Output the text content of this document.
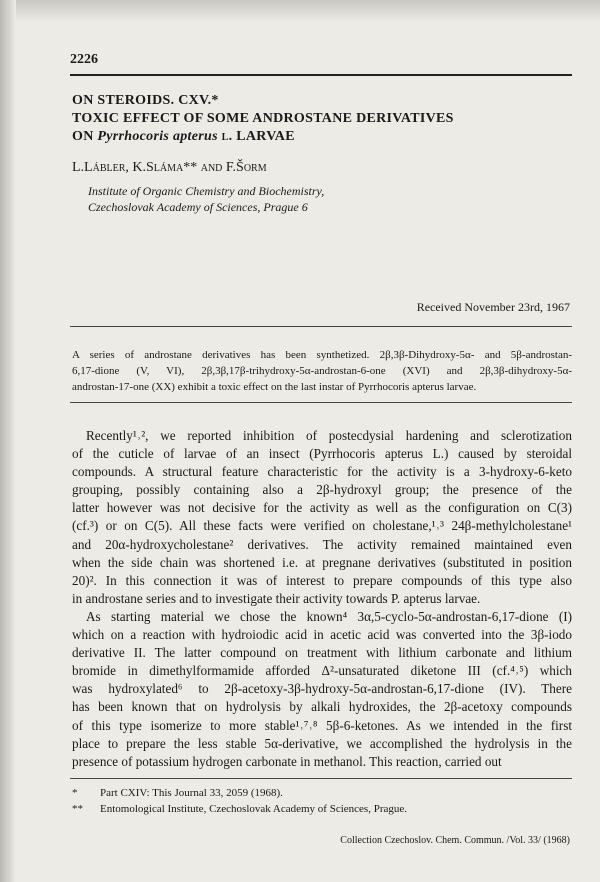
2226
ON STEROIDS. CXV.*
TOXIC EFFECT OF SOME ANDROSTANE DERIVATIVES
ON Pyrrhocoris apterus l. LARVAE
L.Lábler, K.Sláma** and F.Šorm
Institute of Organic Chemistry and Biochemistry,
Czechoslovak Academy of Sciences, Prague 6
Received November 23rd, 1967
A series of androstane derivatives has been synthetized. 2β,3β-Dihydroxy-5α- and 5β-androstan-
6,17-dione (V, VI), 2β,3β,17β-trihydroxy-5α-androstan-6-one (XVI) and 2β,3β-dihydroxy-5α-
androstan-17-one (XX) exhibit a toxic effect on the last instar of Pyrrhocoris apterus larvae.
Recently¹˒², we reported inhibition of postecdysial hardening and sclerotization
of the cuticle of larvae of an insect (Pyrrhocoris apterus L.) caused by steroidal
compounds. A structural feature characteristic for the activity is a 3-hydroxy-6-keto
grouping, possibly containing also a 2β-hydroxyl group; the presence of the
latter however was not decisive for the activity as well as the configuration on C(3)
(cf.³) or on C(5). All these facts were verified on cholestane,¹˒³ 24β-methylcholestane¹
and 20α-hydroxycholestane² derivatives. The activity remained maintained even
when the side chain was shortened i.e. at pregnane derivatives (substituted in position
20)². In this connection it was of interest to prepare compounds of this type also
in androstane series and to investigate their activity towards P. apterus larvae.
As starting material we chose the known⁴ 3α,5-cyclo-5α-androstan-6,17-dione (I)
which on a reaction with hydroiodic acid in acetic acid was converted into the 3β-iodo
derivative II. The latter compound on treatment with lithium carbonate and lithium
bromide in dimethylformamide afforded Δ²-unsaturated diketone III (cf.⁴˒⁵) which
was hydroxylated⁶ to 2β-acetoxy-3β-hydroxy-5α-androstan-6,17-dione (IV). There
has been known that on hydrolysis by alkali hydroxides, the 2β-acetoxy compounds
of this type isomerize to more stable¹˒⁷˒⁸ 5β-6-ketones. As we intended in the first
place to prepare the less stable 5α-derivative, we accomplished the hydrolysis in the
presence of potassium hydrogen carbonate in methanol. This reaction, carried out
* Part CXIV: This Journal 33, 2059 (1968).
** Entomological Institute, Czechoslovak Academy of Sciences, Prague.
Collection Czechoslov. Chem. Commun. /Vol. 33/ (1968)
